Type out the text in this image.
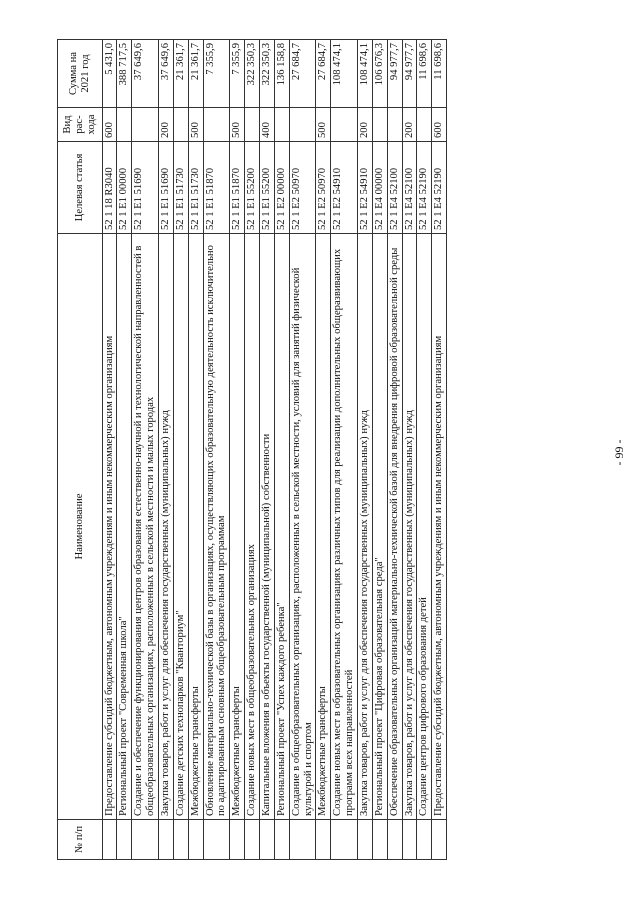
- 99 -
№ п/п	Наименование	Целевая статья	Вид рас-хода	Сумма на 2021 год
	Предоставление субсидий бюджетным, автономным учреждениям и иным некоммерческим организациям	52 1 18 R3040	600	5 431,0
	Региональный проект "Современная школа"	52 1 E1 00000		388 717,5
	Создание и обеспечение функционирования центров образования естественно-научной и технологической направленностей в общеобразовательных организациях, расположенных в сельской местности и малых городах	52 1 E1 51690		37 649,6
	Закупка товаров, работ и услуг для обеспечения государственных (муниципальных) нужд	52 1 E1 51690	200	37 649,6
	Создание детских технопарков "Кванториум"	52 1 E1 51730		21 361,7
	Межбюджетные трансферты	52 1 E1 51730	500	21 361,7
	Обновление материально-технической базы в организациях, осуществляющих образовательную деятельность исключительно по адаптированным основным общеобразовательным программам	52 1 E1 51870		7 355,9
	Межбюджетные трансферты	52 1 E1 51870	500	7 355,9
	Создание новых мест в общеобразовательных организациях	52 1 E1 55200		322 350,3
	Капитальные вложения в объекты государственной (муниципальной) собственности	52 1 E1 55200	400	322 350,3
	Региональный проект "Успех каждого ребенка"	52 1 E2 00000		136 158,8
	Создание в общеобразовательных организациях, расположенных в сельской местности, условий для занятий физической культурой и спортом	52 1 E2 50970		27 684,7
	Межбюджетные трансферты	52 1 E2 50970	500	27 684,7
	Создание новых мест в образовательных организациях различных типов для реализации дополнительных общеразвивающих программ всех направленностей	52 1 E2 54910		108 474,1
	Закупка товаров, работ и услуг для обеспечения государственных (муниципальных) нужд	52 1 E2 54910	200	108 474,1
	Региональный проект "Цифровая образовательная среда"	52 1 E4 00000		106 676,3
	Обеспечение образовательных организаций материально-технической базой для внедрения цифровой образовательной среды	52 1 E4 52100		94 977,7
	Закупка товаров, работ и услуг для обеспечения государственных (муниципальных) нужд	52 1 E4 52100	200	94 977,7
	Создание центров цифрового образования детей	52 1 E4 52190		11 698,6
	Предоставление субсидий бюджетным, автономным учреждениям и иным некоммерческим организациям	52 1 E4 52190	600	11 698,6
